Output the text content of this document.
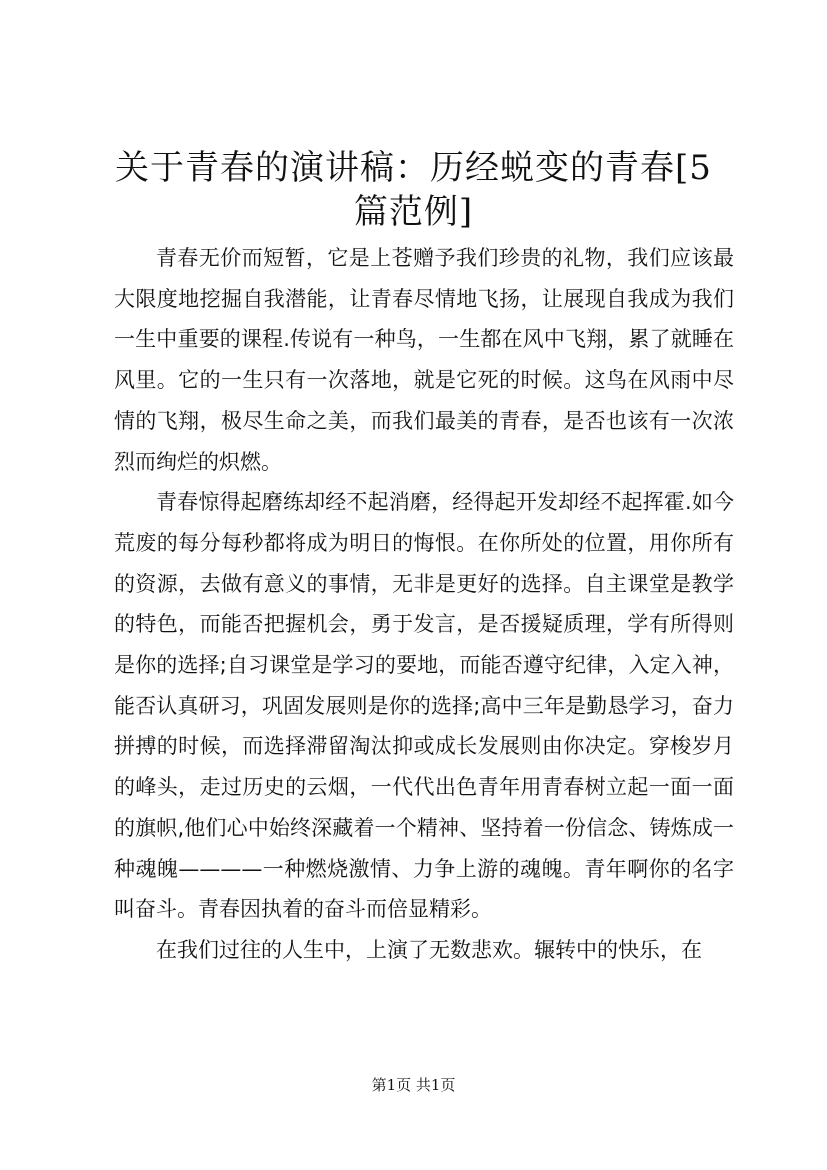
关于青春的演讲稿：历经蜕变的青春[5篇范例]

青春无价而短暂，它是上苍赠予我们珍贵的礼物，我们应该最大限度地挖掘自我潜能，让青春尽情地飞扬，让展现自我成为我们一生中重要的课程.传说有一种鸟，一生都在风中飞翔，累了就睡在风里。它的一生只有一次落地，就是它死的时候。这鸟在风雨中尽情的飞翔，极尽生命之美，而我们最美的青春，是否也该有一次浓烈而绚烂的炽燃。

青春惊得起磨练却经不起消磨，经得起开发却经不起挥霍.如今荒废的每分每秒都将成为明日的悔恨。在你所处的位置，用你所有的资源，去做有意义的事情，无非是更好的选择。自主课堂是教学的特色，而能否把握机会，勇于发言，是否援疑质理，学有所得则是你的选择;自习课堂是学习的要地，而能否遵守纪律，入定入神，能否认真研习，巩固发展则是你的选择;高中三年是勤恳学习，奋力拼搏的时候，而选择滞留淘汰抑或成长发展则由你决定。穿梭岁月的峰头，走过历史的云烟，一代代出色青年用青春树立起一面一面的旗帜,他们心中始终深藏着一个精神、坚持着一份信念、铸炼成一种魂魄————一种燃烧激情、力争上游的魂魄。青年啊你的名字叫奋斗。青春因执着的奋斗而倍显精彩。

在我们过往的人生中，上演了无数悲欢。辗转中的快乐，在

第1页 共1页
